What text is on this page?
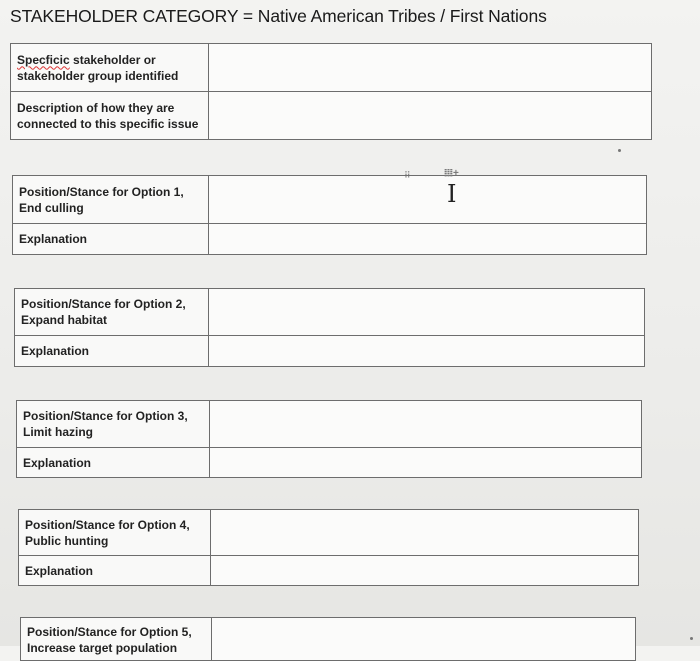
STAKEHOLDER CATEGORY = Native American Tribes / First Nations
Specficic stakeholder or stakeholder group identified	
Description of how they are connected to this specific issue	
Position/Stance for Option 1,
End culling	

Explanation	
Position/Stance for Option 2,
Expand habitat	

Explanation	
Position/Stance for Option 3,
Limit hazing	

Explanation	
Position/Stance for Option 4,
Public hunting	

Explanation	
Position/Stance for Option 5,
Increase target population

⠿	𝍖+
I
